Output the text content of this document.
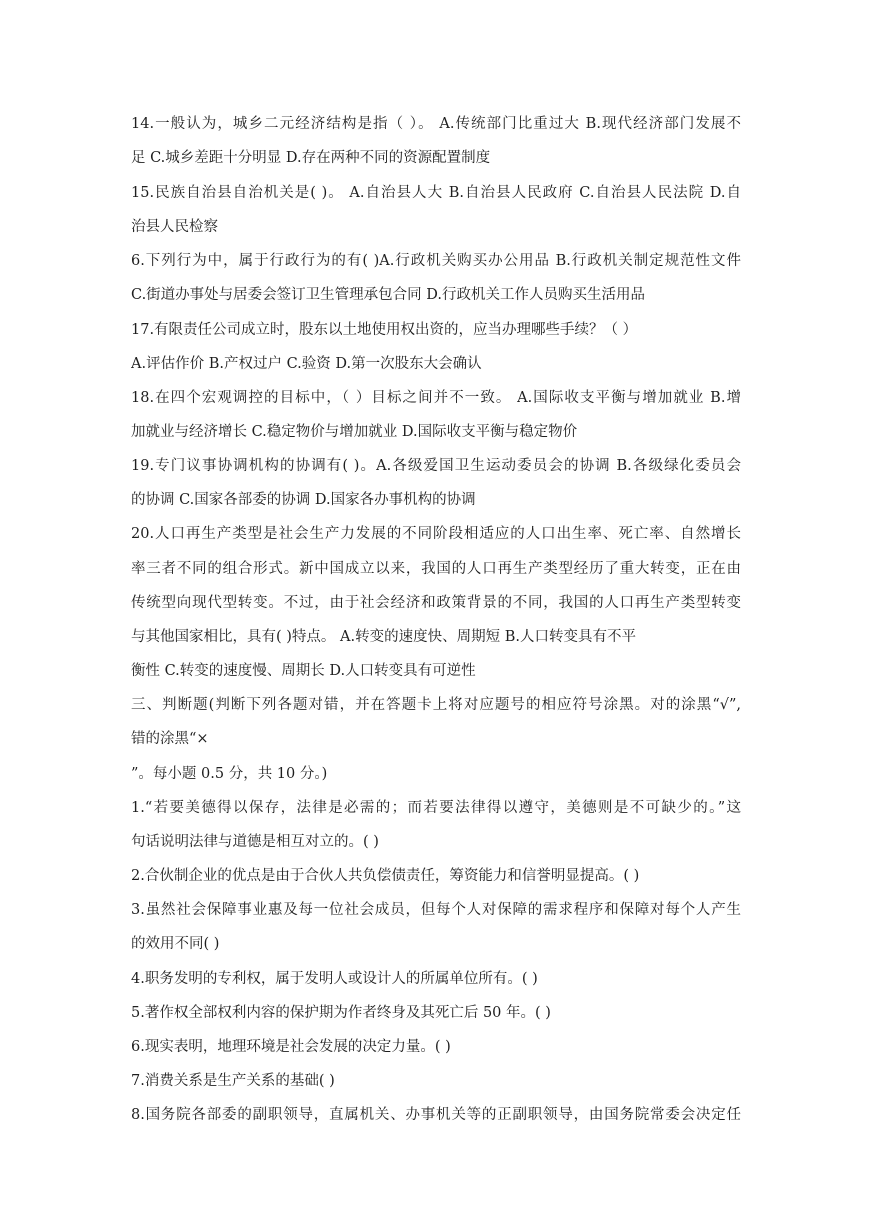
14.一般认为，城乡二元经济结构是指（ ）。 A.传统部门比重过大 B.现代经济部门发展不
足 C.城乡差距十分明显 D.存在两种不同的资源配置制度
15.民族自治县自治机关是( )。 A.自治县人大 B.自治县人民政府 C.自治县人民法院 D.自
治县人民检察
6.下列行为中，属于行政行为的有( )A.行政机关购买办公用品 B.行政机关制定规范性文件
C.街道办事处与居委会签订卫生管理承包合同 D.行政机关工作人员购买生活用品
17.有限责任公司成立时，股东以土地使用权出资的，应当办理哪些手续？（ ）
A.评估作价 B.产权过户 C.验资 D.第一次股东大会确认
18.在四个宏观调控的目标中，（ ）目标之间并不一致。 A.国际收支平衡与增加就业 B.增
加就业与经济增长 C.稳定物价与增加就业 D.国际收支平衡与稳定物价
19.专门议事协调机构的协调有( )。A.各级爱国卫生运动委员会的协调 B.各级绿化委员会
的协调 C.国家各部委的协调 D.国家各办事机构的协调
20.人口再生产类型是社会生产力发展的不同阶段相适应的人口出生率、死亡率、自然增长
率三者不同的组合形式。新中国成立以来，我国的人口再生产类型经历了重大转变，正在由
传统型向现代型转变。不过，由于社会经济和政策背景的不同，我国的人口再生产类型转变
与其他国家相比，具有( )特点。 A.转变的速度快、周期短 B.人口转变具有不平
衡性 C.转变的速度慢、周期长 D.人口转变具有可逆性
三、判断题(判断下列各题对错，并在答题卡上将对应题号的相应符号涂黑。对的涂黑“√”,
错的涂黑“×
”。每小题 0.5 分，共 10 分。)
1.“若要美德得以保存，法律是必需的；而若要法律得以遵守，美德则是不可缺少的。”这
句话说明法律与道德是相互对立的。( )
2.合伙制企业的优点是由于合伙人共负偿债责任，筹资能力和信誉明显提高。( )
3.虽然社会保障事业惠及每一位社会成员，但每个人对保障的需求程序和保障对每个人产生
的效用不同( )
4.职务发明的专利权，属于发明人或设计人的所属单位所有。( )
5.著作权全部权利内容的保护期为作者终身及其死亡后 50 年。( )
6.现实表明，地理环境是社会发展的决定力量。( )
7.消费关系是生产关系的基础( )
8.国务院各部委的副职领导，直属机关、办事机关等的正副职领导，由国务院常委会决定任
